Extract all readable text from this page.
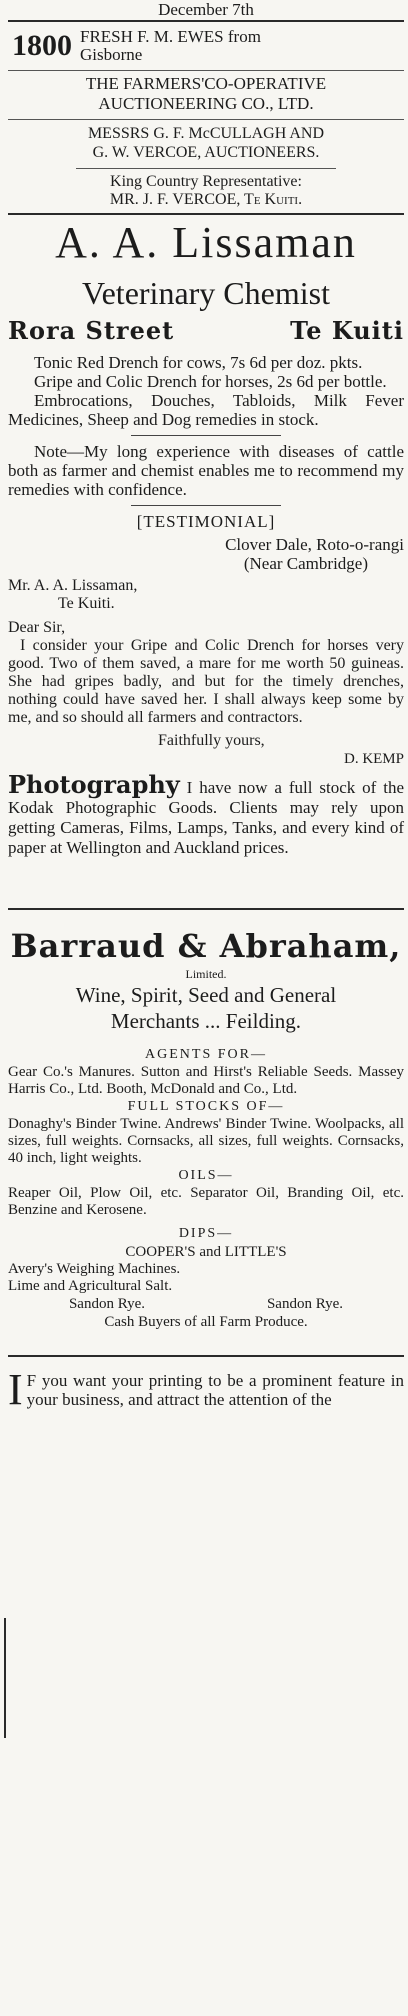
December 7th
1800 FRESH F. M. EWES from
Gisborne

THE FARMERS'CO-OPERATIVE

AUCTIONEERING CO., LTD.

MESSRS G. F. McCULLAGH AND

G. W. VERCOE, AUCTIONEERS.

King Country Representative:

MR. J. F. VERCOE, Te Kuiti.

A. A. Lissaman
Veterinary Chemist
Rora Street	Te Kuiti

Tonic Red Drench for cows, 7s 6d per doz. pkts.

Gripe and Colic Drench for horses, 2s 6d per bottle.

Embrocations, Douches, Tabloids, Milk Fever Medicines, Sheep and Dog remedies in stock.

Note—My long experience with diseases of cattle both as farmer and chemist enables me to recommend my remedies with confidence.

[TESTIMONIAL]

Clover Dale, Roto-o-rangi

(Near Cambridge)

Mr. A. A. Lissaman,

Te Kuiti.

Dear Sir,

I consider your Gripe and Colic Drench for horses very good. Two of them saved, a mare for me worth 50 guineas. She had gripes badly, and but for the timely drenches, nothing could have saved her. I shall always keep some by me, and so should all farmers and contractors.

Faithfully yours,

D. KEMP

Photography I have now a full stock of the Kodak Photographic Goods. Clients may rely upon getting Cameras, Films, Lamps, Tanks, and every kind of paper at Wellington and Auckland prices.

Barraud & Abraham,
Limited.
Wine, Spirit, Seed and General
Merchants ... Feilding.
AGENTS FOR—

Gear Co.'s Manures. Sutton and Hirst's Reliable Seeds. Massey Harris Co., Ltd. Booth, McDonald and Co., Ltd.

FULL STOCKS OF—

Donaghy's Binder Twine. Andrews' Binder Twine. Woolpacks, all sizes, full weights. Cornsacks, all sizes, full weights. Cornsacks, 40 inch, light weights.

OILS—

Reaper Oil, Plow Oil, etc. Separator Oil, Branding Oil, etc. Benzine and Kerosene.

DIPS—
COOPER'S and LITTLE'S

Avery's Weighing Machines.

Lime and Agricultural Salt.

Sandon Rye.	Sandon Rye.
Cash Buyers of all Farm Produce.

I F you want your printing to be a prominent feature in your business, and attract the attention of the
